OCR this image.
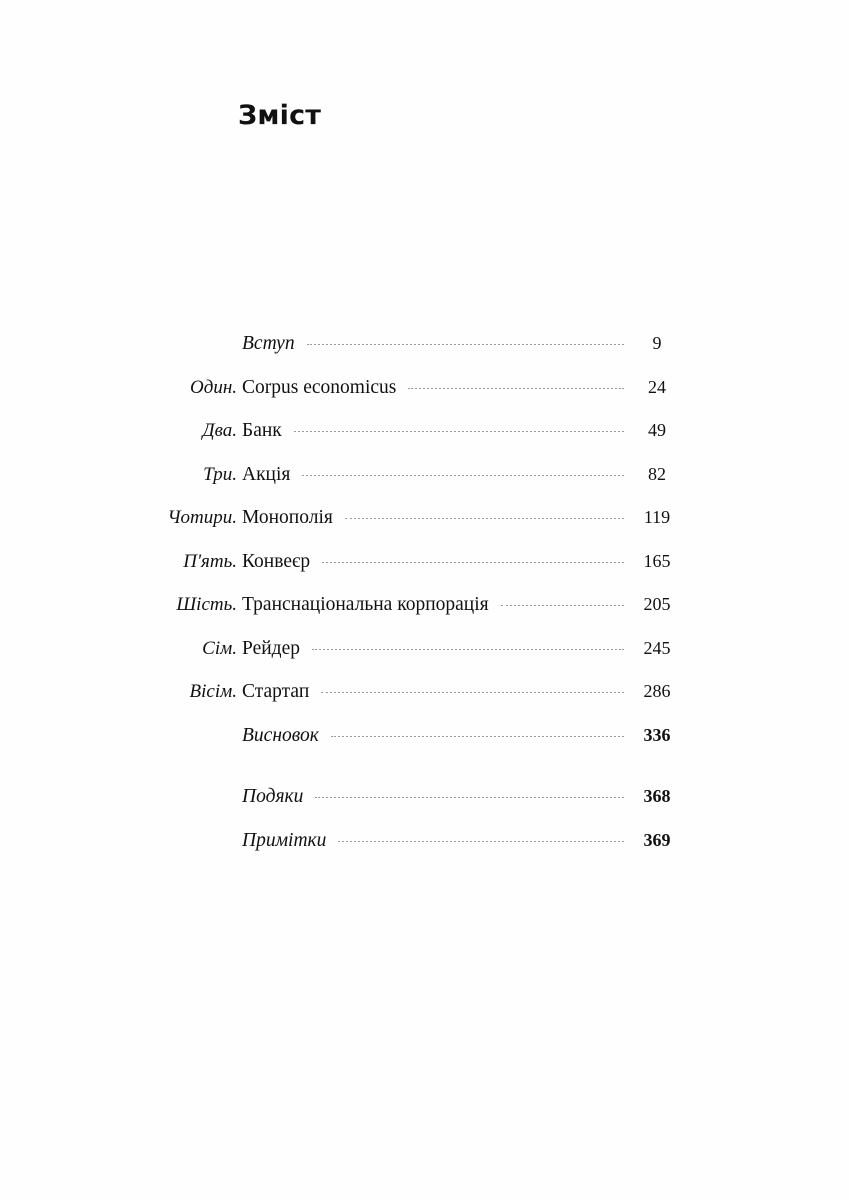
Зміст
Вступ	9
Один. Corpus economicus	24
Два. Банк	49
Три. Акція	82
Чотири. Монополія	119
П'ять. Конвеєр	165
Шість. Транснаціональна корпорація	205
Сім. Рейдер	245
Вісім. Стартап	286
Висновок	336
Подяки	368
Примітки	369
